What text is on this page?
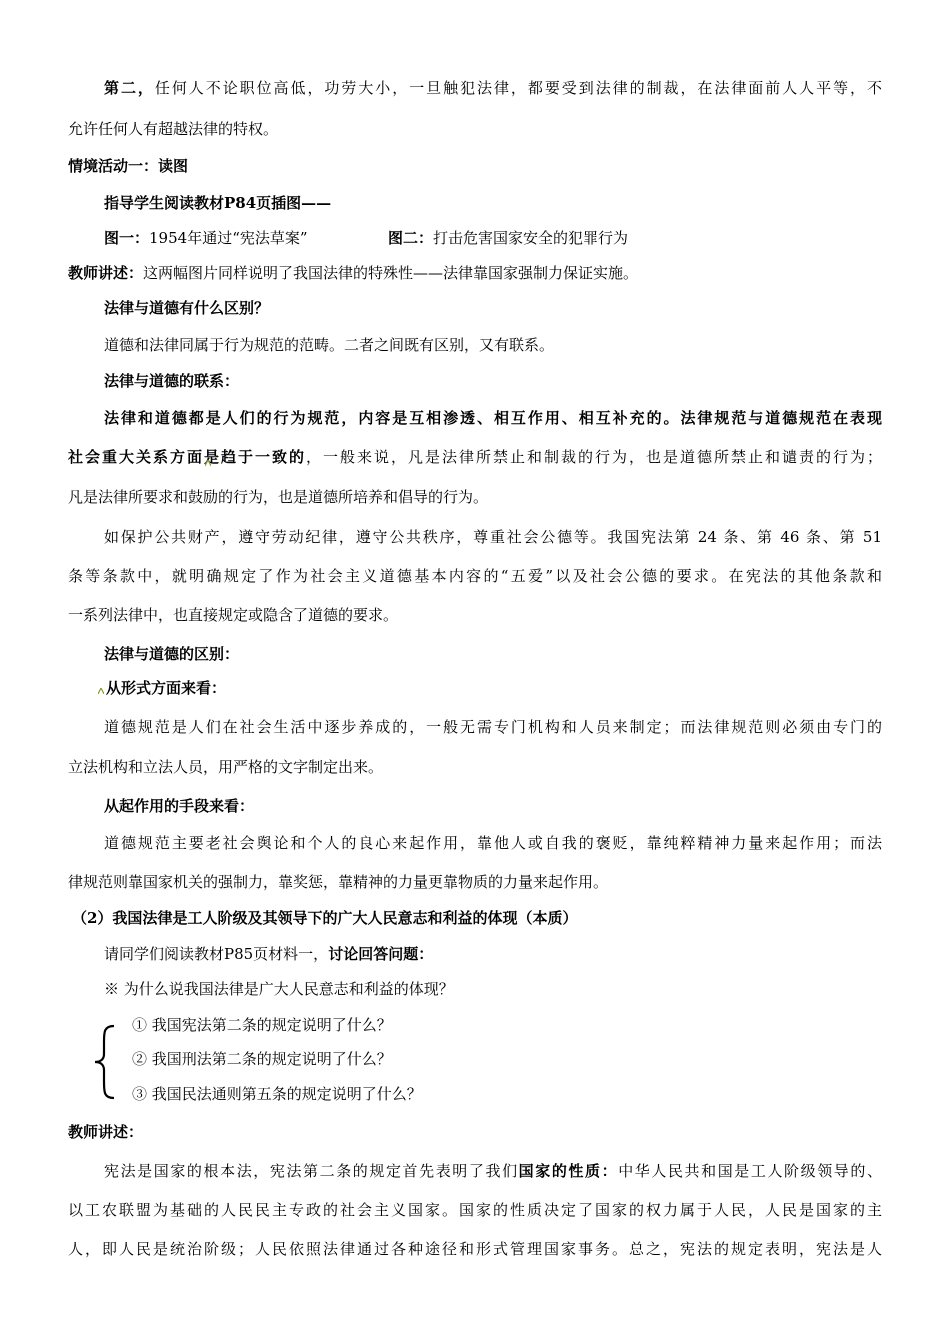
第二，任何人不论职位高低，功劳大小，一旦触犯法律，都要受到法律的制裁，在法律面前人人平等，不
允许任何人有超越法律的特权。
情境活动一：读图
指导学生阅读教材P84页插图——
图一：1954年通过“宪法草案”	图二：打击危害国家安全的犯罪行为
教师讲述：这两幅图片同样说明了我国法律的特殊性——法律靠国家强制力保证实施。
法律与道德有什么区别？
道德和法律同属于行为规范的范畴。二者之间既有区别，又有联系。
法律与道德的联系：
法律和道德都是人们的行为规范，内容是互相渗透、相互作用、相互补充的。法律规范与道德规范在表现
社会重大关系方面是趋于一致的，一般来说，凡是法律所禁止和制裁的行为，也是道德所禁止和谴责的行为；
凡是法律所要求和鼓励的行为，也是道德所培养和倡导的行为。
如保护公共财产，遵守劳动纪律，遵守公共秩序，尊重社会公德等。我国宪法第 24 条、第 46 条、第 51
条等条款中，就明确规定了作为社会主义道德基本内容的“五爱”以及社会公德的要求。在宪法的其他条款和
一系列法律中，也直接规定或隐含了道德的要求。
法律与道德的区别：
从形式方面来看：
道德规范是人们在社会生活中逐步养成的，一般无需专门机构和人员来制定；而法律规范则必须由专门的
立法机构和立法人员，用严格的文字制定出来。
从起作用的手段来看：
道德规范主要老社会舆论和个人的良心来起作用，靠他人或自我的褒贬，靠纯粹精神力量来起作用；而法
律规范则靠国家机关的强制力，靠奖惩，靠精神的力量更靠物质的力量来起作用。
（2）我国法律是工人阶级及其领导下的广大人民意志和利益的体现（本质）
请同学们阅读教材P85页材料一，讨论回答问题：
※ 为什么说我国法律是广大人民意志和利益的体现？
① 我国宪法第二条的规定说明了什么？
② 我国刑法第二条的规定说明了什么？
③ 我国民法通则第五条的规定说明了什么？
教师讲述：
宪法是国家的根本法，宪法第二条的规定首先表明了我们国家的性质：中华人民共和国是工人阶级领导的、
以工农联盟为基础的人民民主专政的社会主义国家。国家的性质决定了国家的权力属于人民，人民是国家的主
人，即人民是统治阶级；人民依照法律通过各种途径和形式管理国家事务。总之，宪法的规定表明，宪法是人
